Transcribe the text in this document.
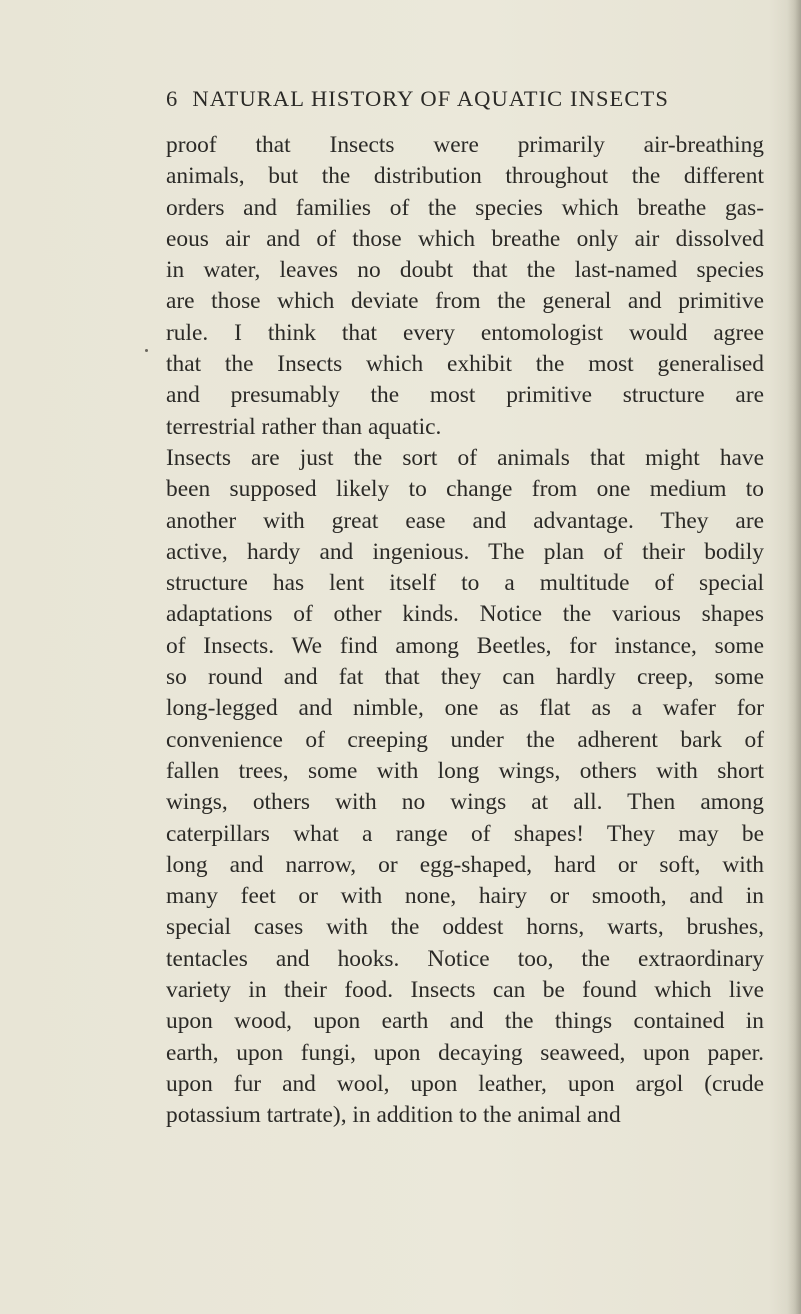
6 NATURAL HISTORY OF AQUATIC INSECTS
proof that Insects were primarily air-breathing
animals, but the distribution throughout the different
orders and families of the species which breathe gas-
eous air and of those which breathe only air dissolved
in water, leaves no doubt that the last-named species
are those which deviate from the general and primitive
rule. I think that every entomologist would agree
that the Insects which exhibit the most generalised
and presumably the most primitive structure are
terrestrial rather than aquatic.
Insects are just the sort of animals that might have
been supposed likely to change from one medium to
another with great ease and advantage. They are
active, hardy and ingenious. The plan of their bodily
structure has lent itself to a multitude of special
adaptations of other kinds. Notice the various shapes
of Insects. We find among Beetles, for instance, some
so round and fat that they can hardly creep, some
long-legged and nimble, one as flat as a wafer for
convenience of creeping under the adherent bark of
fallen trees, some with long wings, others with short
wings, others with no wings at all. Then among
caterpillars what a range of shapes! They may be
long and narrow, or egg-shaped, hard or soft, with
many feet or with none, hairy or smooth, and in
special cases with the oddest horns, warts, brushes,
tentacles and hooks. Notice too, the extraordinary
variety in their food. Insects can be found which live
upon wood, upon earth and the things contained in
earth, upon fungi, upon decaying seaweed, upon paper.
upon fur and wool, upon leather, upon argol (crude
potassium tartrate), in addition to the animal and
